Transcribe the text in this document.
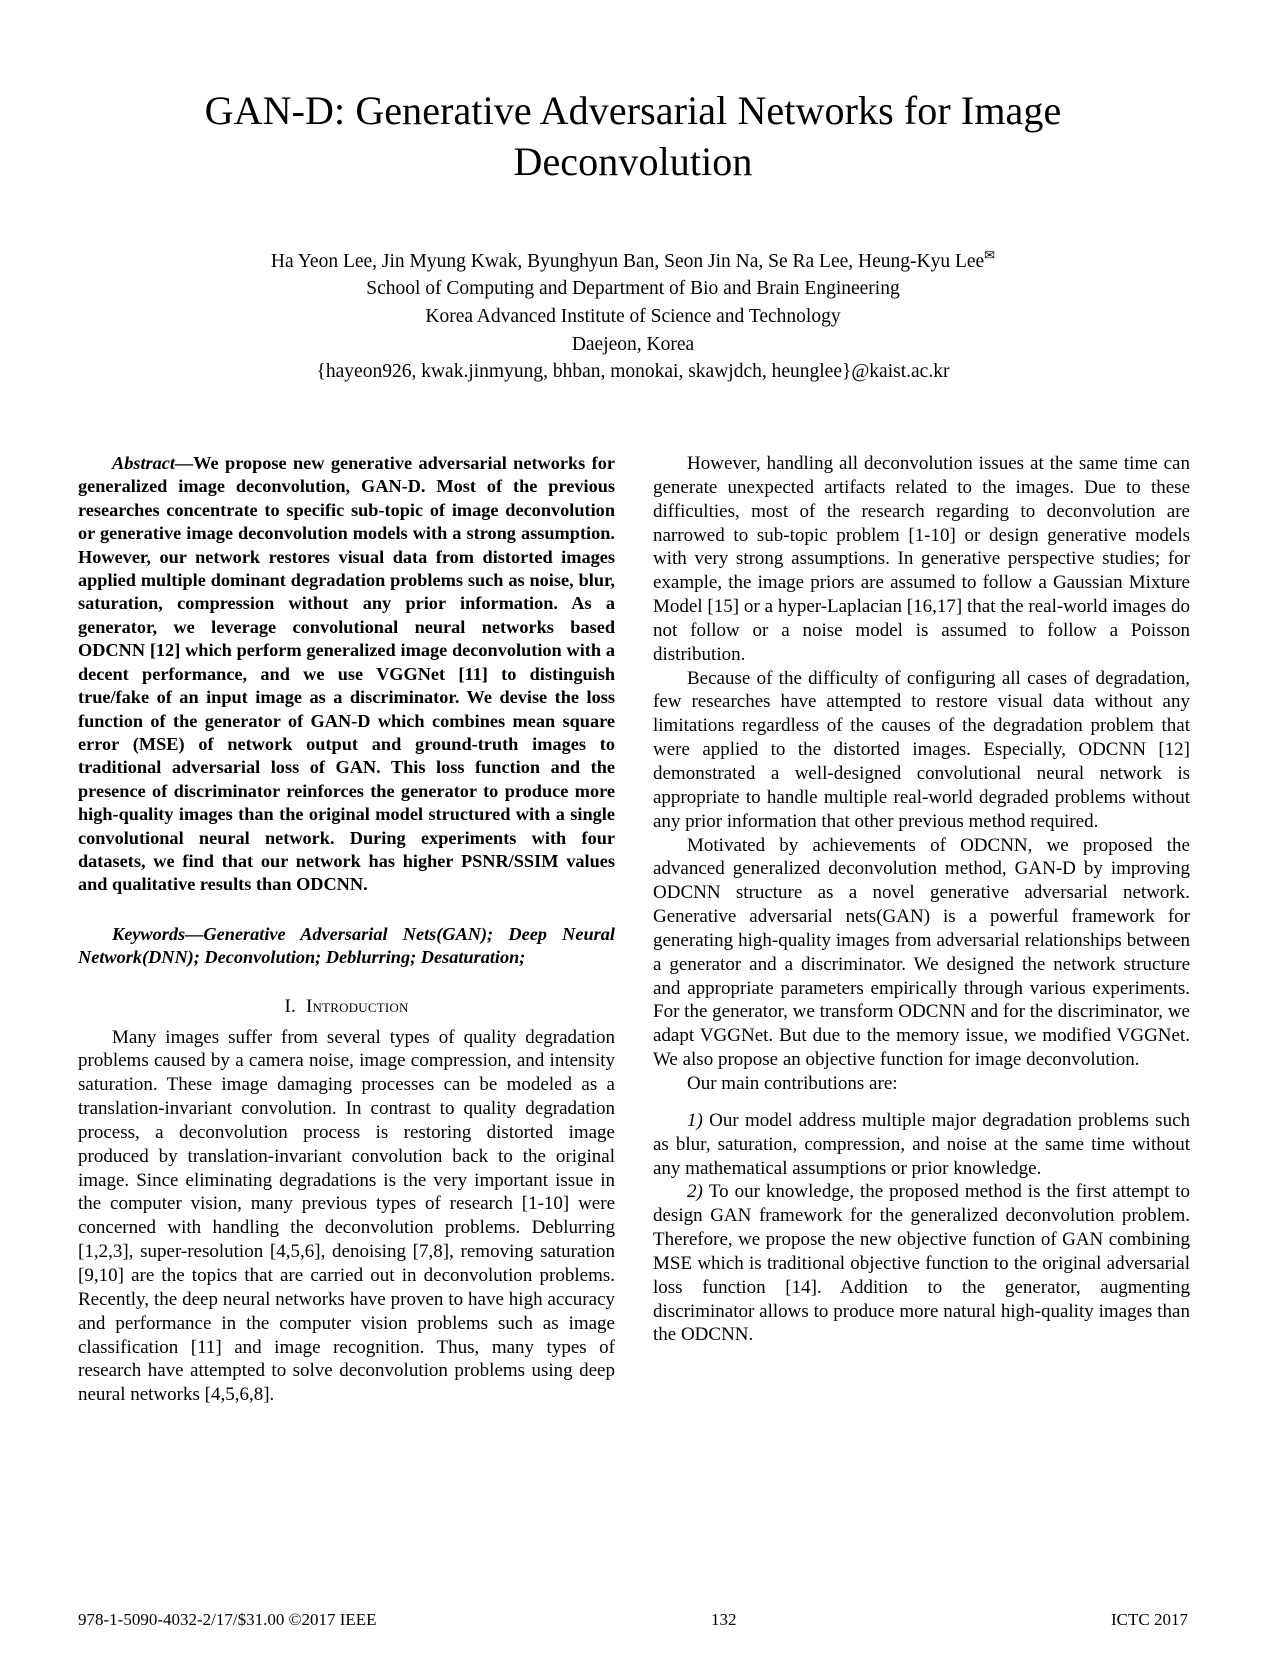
GAN-D: Generative Adversarial Networks for Image Deconvolution
Ha Yeon Lee, Jin Myung Kwak, Byunghyun Ban, Seon Jin Na, Se Ra Lee, Heung-Kyu Lee✉
School of Computing and Department of Bio and Brain Engineering
Korea Advanced Institute of Science and Technology
Daejeon, Korea
{hayeon926, kwak.jinmyung, bhban, monokai, skawjdch, heunglee}@kaist.ac.kr

Abstract—We propose new generative adversarial networks for generalized image deconvolution, GAN-D. Most of the previous researches concentrate to specific sub-topic of image deconvolution or generative image deconvolution models with a strong assumption. However, our network restores visual data from distorted images applied multiple dominant degradation problems such as noise, blur, saturation, compression without any prior information. As a generator, we leverage convolutional neural networks based ODCNN [12] which perform generalized image deconvolution with a decent performance, and we use VGGNet [11] to distinguish true/fake of an input image as a discriminator. We devise the loss function of the generator of GAN-D which combines mean square error (MSE) of network output and ground-truth images to traditional adversarial loss of GAN. This loss function and the presence of discriminator reinforces the generator to produce more high-quality images than the original model structured with a single convolutional neural network. During experiments with four datasets, we find that our network has higher PSNR/SSIM values and qualitative results than ODCNN.

Keywords—Generative Adversarial Nets(GAN); Deep Neural Network(DNN); Deconvolution; Deblurring; Desaturation;

I. Introduction

Many images suffer from several types of quality degradation problems caused by a camera noise, image compression, and intensity saturation. These image damaging processes can be modeled as a translation-invariant convolution. In contrast to quality degradation process, a deconvolution process is restoring distorted image produced by translation-invariant convolution back to the original image. Since eliminating degradations is the very important issue in the computer vision, many previous types of research [1-10] were concerned with handling the deconvolution problems. Deblurring [1,2,3], super-resolution [4,5,6], denoising [7,8], removing saturation [9,10] are the topics that are carried out in deconvolution problems. Recently, the deep neural networks have proven to have high accuracy and performance in the computer vision problems such as image classification [11] and image recognition. Thus, many types of research have attempted to solve deconvolution problems using deep neural networks [4,5,6,8].

However, handling all deconvolution issues at the same time can generate unexpected artifacts related to the images. Due to these difficulties, most of the research regarding to deconvolution are narrowed to sub-topic problem [1-10] or design generative models with very strong assumptions. In generative perspective studies; for example, the image priors are assumed to follow a Gaussian Mixture Model [15] or a hyper-Laplacian [16,17] that the real-world images do not follow or a noise model is assumed to follow a Poisson distribution.

Because of the difficulty of configuring all cases of degradation, few researches have attempted to restore visual data without any limitations regardless of the causes of the degradation problem that were applied to the distorted images. Especially, ODCNN [12] demonstrated a well-designed convolutional neural network is appropriate to handle multiple real-world degraded problems without any prior information that other previous method required.

Motivated by achievements of ODCNN, we proposed the advanced generalized deconvolution method, GAN-D by improving ODCNN structure as a novel generative adversarial network. Generative adversarial nets(GAN) is a powerful framework for generating high-quality images from adversarial relationships between a generator and a discriminator. We designed the network structure and appropriate parameters empirically through various experiments. For the generator, we transform ODCNN and for the discriminator, we adapt VGGNet. But due to the memory issue, we modified VGGNet. We also propose an objective function for image deconvolution.

Our main contributions are:

1) Our model address multiple major degradation problems such as blur, saturation, compression, and noise at the same time without any mathematical assumptions or prior knowledge.

2) To our knowledge, the proposed method is the first attempt to design GAN framework for the generalized deconvolution problem. Therefore, we propose the new objective function of GAN combining MSE which is traditional objective function to the original adversarial loss function [14]. Addition to the generator, augmenting discriminator allows to produce more natural high-quality images than the ODCNN.

978-1-5090-4032-2/17/$31.00 ©2017 IEEE	132	ICTC 2017
